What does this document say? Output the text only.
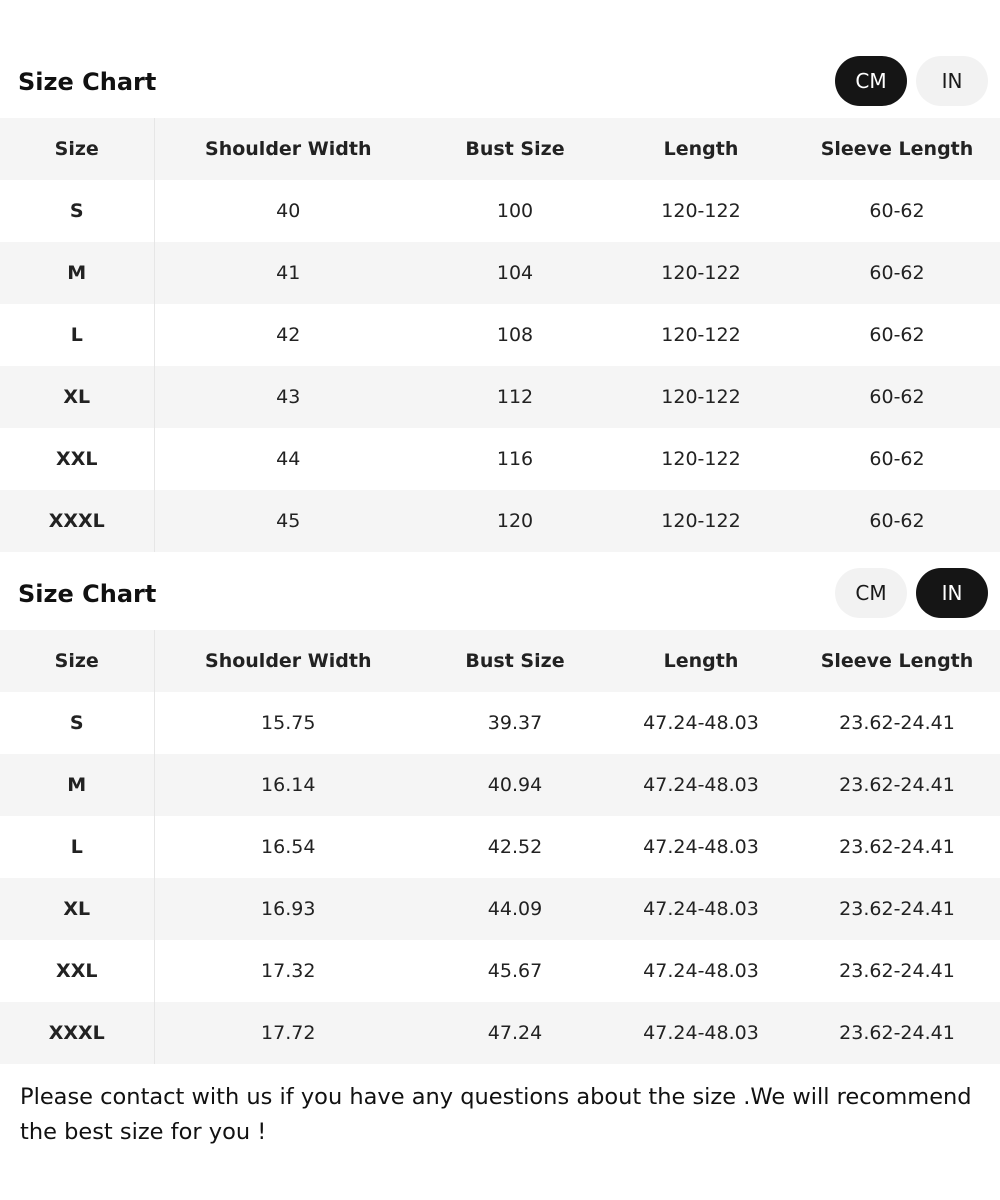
Size Chart	CM	IN
Size	Shoulder Width	Bust Size	Length	Sleeve Length
S	40	100	120-122	60-62
M	41	104	120-122	60-62
L	42	108	120-122	60-62
XL	43	112	120-122	60-62
XXL	44	116	120-122	60-62
XXXL	45	120	120-122	60-62
Size Chart	CM	IN
Size	Shoulder Width	Bust Size	Length	Sleeve Length
S	15.75	39.37	47.24-48.03	23.62-24.41
M	16.14	40.94	47.24-48.03	23.62-24.41
L	16.54	42.52	47.24-48.03	23.62-24.41
XL	16.93	44.09	47.24-48.03	23.62-24.41
XXL	17.32	45.67	47.24-48.03	23.62-24.41
XXXL	17.72	47.24	47.24-48.03	23.62-24.41

Please contact with us if you have any questions about the size .We will recommend the best size for you !
